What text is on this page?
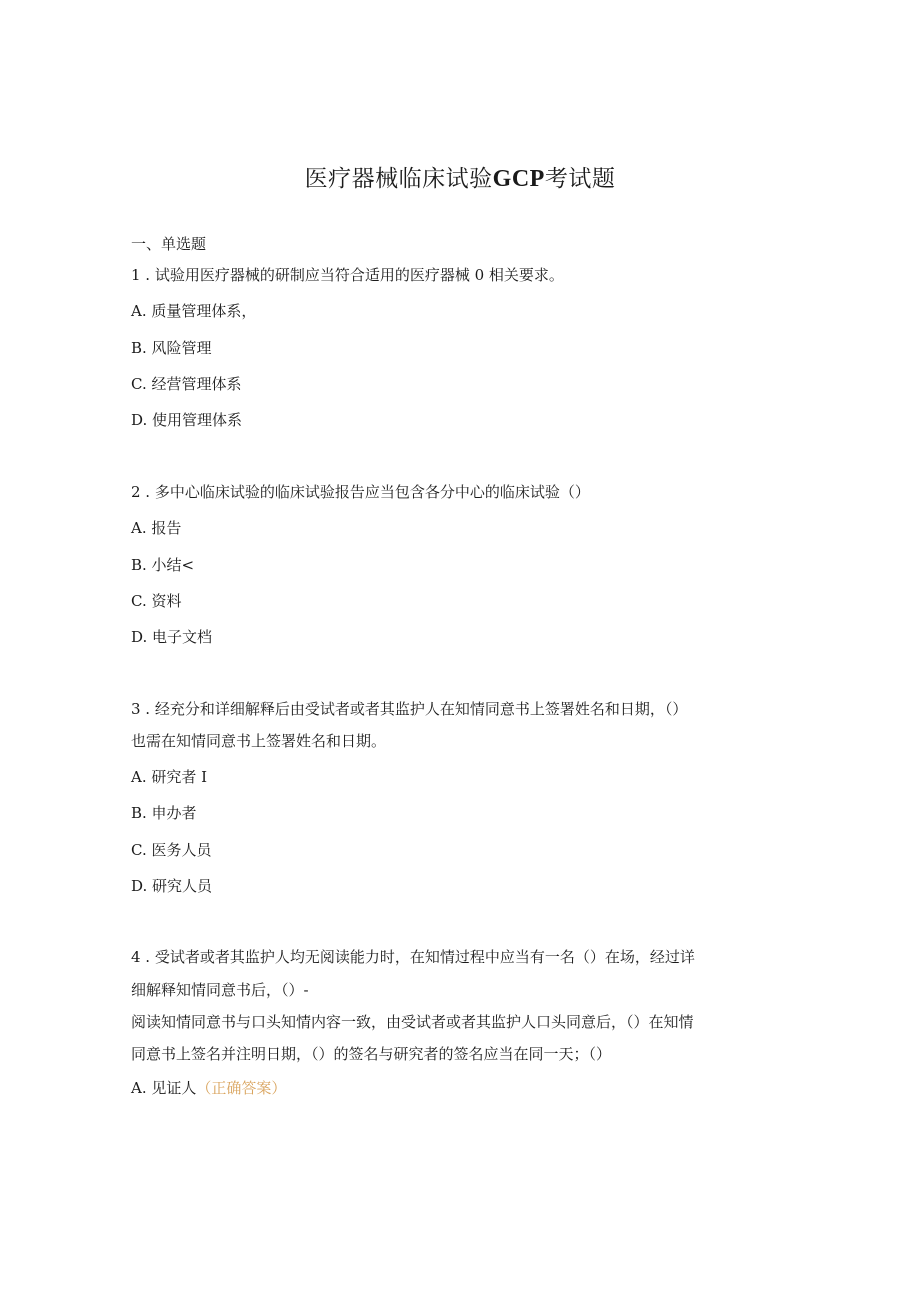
医疗器械临床试验GCP考试题
一、单选题
1 . 试验用医疗器械的研制应当符合适用的医疗器械 0 相关要求。
A. 质量管理体系，
B. 风险管理
C. 经营管理体系
D. 使用管理体系
2 . 多中心临床试验的临床试验报告应当包含各分中心的临床试验（）
A. 报告
B. 小结<
C. 资料
D. 电子文档
3 . 经充分和详细解释后由受试者或者其监护人在知情同意书上签署姓名和日期，（）
也需在知情同意书上签署姓名和日期。
A. 研究者 I
B. 申办者
C. 医务人员
D. 研究人员
4 . 受试者或者其监护人均无阅读能力时，在知情过程中应当有一名（）在场，经过详
细解释知情同意书后，（）-
阅读知情同意书与口头知情内容一致，由受试者或者其监护人口头同意后，（）在知情
同意书上签名并注明日期，（）的签名与研究者的签名应当在同一天；（）
A. 见证人（正确答案）
